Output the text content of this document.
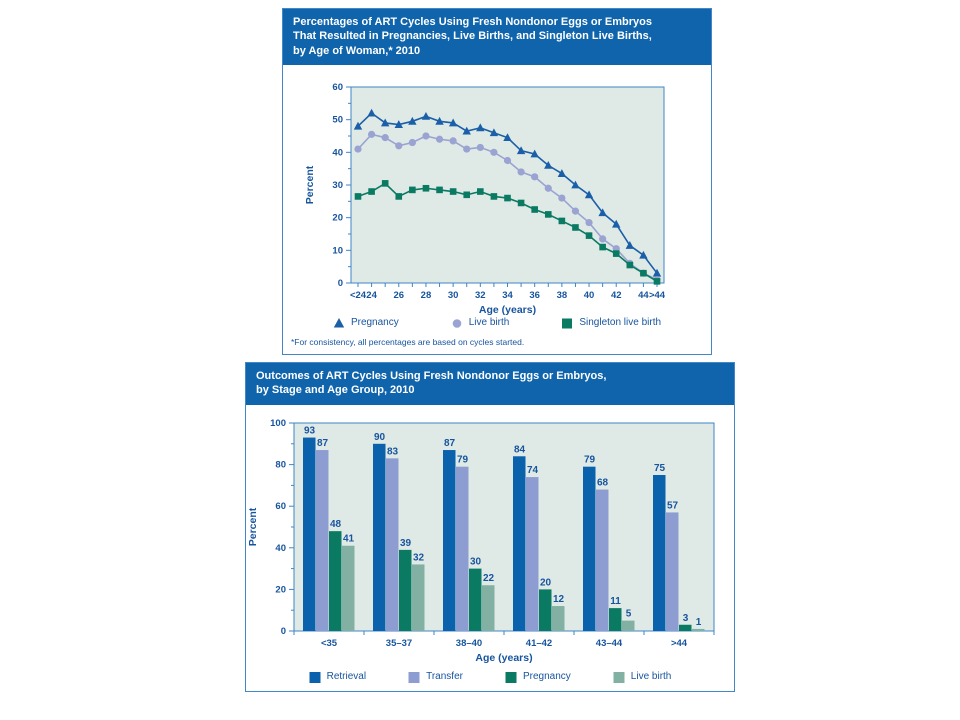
Percentages of ART Cycles Using Fresh Nondonor Eggs or Embryos
That Resulted in Pregnancies, Live Births, and Singleton Live Births,
by Age of Woman,* 2010
0
10
20
30
40
50
60
Percent
<24 24 26 28 30 32 34 36 38 40 42 44 >44
Age (years)
Pregnancy	Live birth	Singleton live birth
*For consistency, all percentages are based on cycles started.
Outcomes of ART Cycles Using Fresh Nondonor Eggs or Embryos,
by Stage and Age Group, 2010
0
20
40
60
80
100
Percent
<35	35–37	38–40	41–42	43–44	>44
Age (years)
93
90
87
84
79
75
87
83
79
74
68
57
48
39
30
20
11
3
41
32
22
12
5
1
Retrieval	Transfer	Pregnancy	Live birth
